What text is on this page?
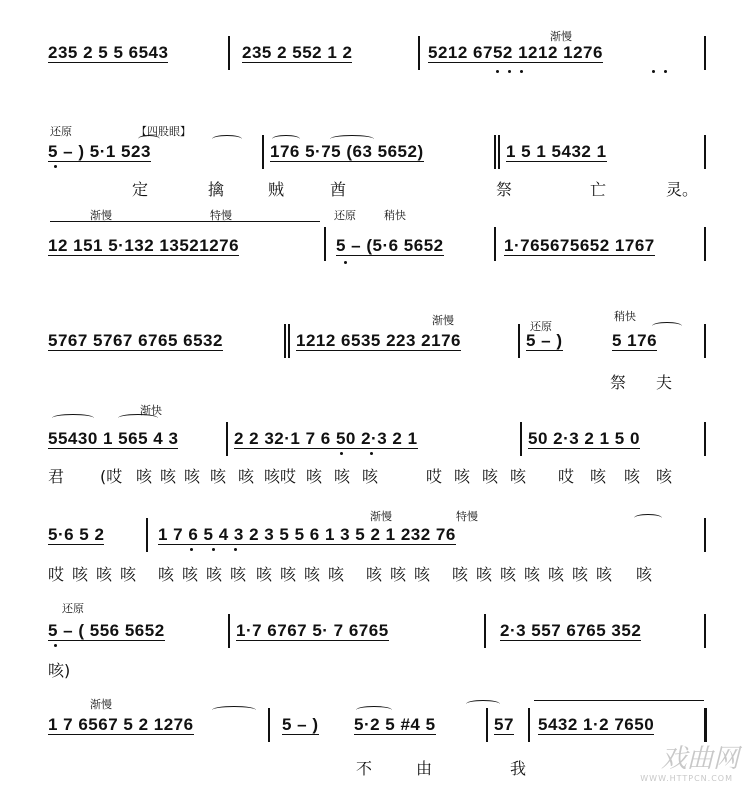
渐慢
235 2 5 5 6543	235 2 552 1 2	5212 6752 1212 1276
还原	【四股眼】
5 – ) 5·1 523	176 5·75 (63 5652)	1 5 1 5432 1
定	擒	贼	酋	祭	亡	灵。
渐慢	特慢	还原	稍快
12 151 5·132 13521276	5 – (5·6 5652	1·765675652 1767
渐慢	还原
稍快
5767 5767 6765 6532	1212 6535 223 2176	5 – )	5 176
祭 夫
渐快
55430 1 565 4 3	2 2 32·1 7 6 50 2·3 2 1	50 2·3 2 1 5 0
君 (哎 咳 咳 咳 咳 咳 咳哎 咳 咳 咳	哎 咳 咳 咳 哎 咳 咳 咳
渐慢	特慢
5·6 5 2	1 7 6 5 4 3 2 3 5 5 6 1 3 5 2 1 232 76
哎 咳 咳 咳 咳 咳 咳 咳 咳 咳 咳 咳 咳 咳 咳 咳 咳 咳 咳 咳 咳 咳 咳
还原
5 – ( 556 5652	1·7 6767 5· 7 6765	2·3 557 6765 352
咳)
渐慢
1 7 6567 5 2 1276	5 – ) 5·2 5 #4 5	57 5432 1·2 7650
不	由	我	戏曲网
WWW.HTTPCN.COM
